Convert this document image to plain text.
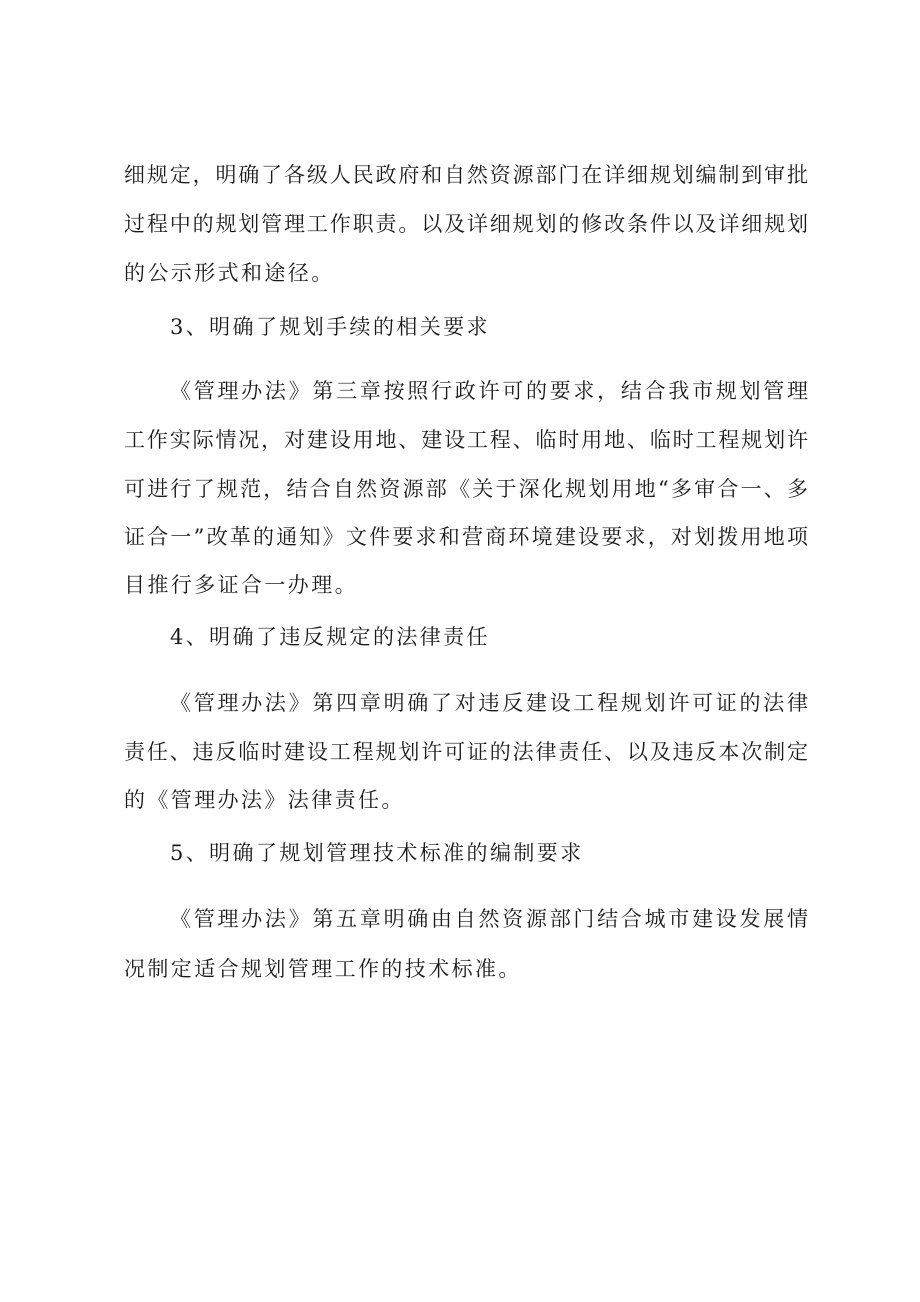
细规定，明确了各级人民政府和自然资源部门在详细规划编制到审批
过程中的规划管理工作职责。以及详细规划的修改条件以及详细规划
的公示形式和途径。
3、明确了规划手续的相关要求
《管理办法》第三章按照行政许可的要求，结合我市规划管理
工作实际情况，对建设用地、建设工程、临时用地、临时工程规划许
可进行了规范，结合自然资源部《关于深化规划用地“多审合一、多
证合一”改革的通知》文件要求和营商环境建设要求，对划拨用地项
目推行多证合一办理。
4、明确了违反规定的法律责任
《管理办法》第四章明确了对违反建设工程规划许可证的法律
责任、违反临时建设工程规划许可证的法律责任、以及违反本次制定
的《管理办法》法律责任。
5、明确了规划管理技术标准的编制要求
《管理办法》第五章明确由自然资源部门结合城市建设发展情
况制定适合规划管理工作的技术标准。
